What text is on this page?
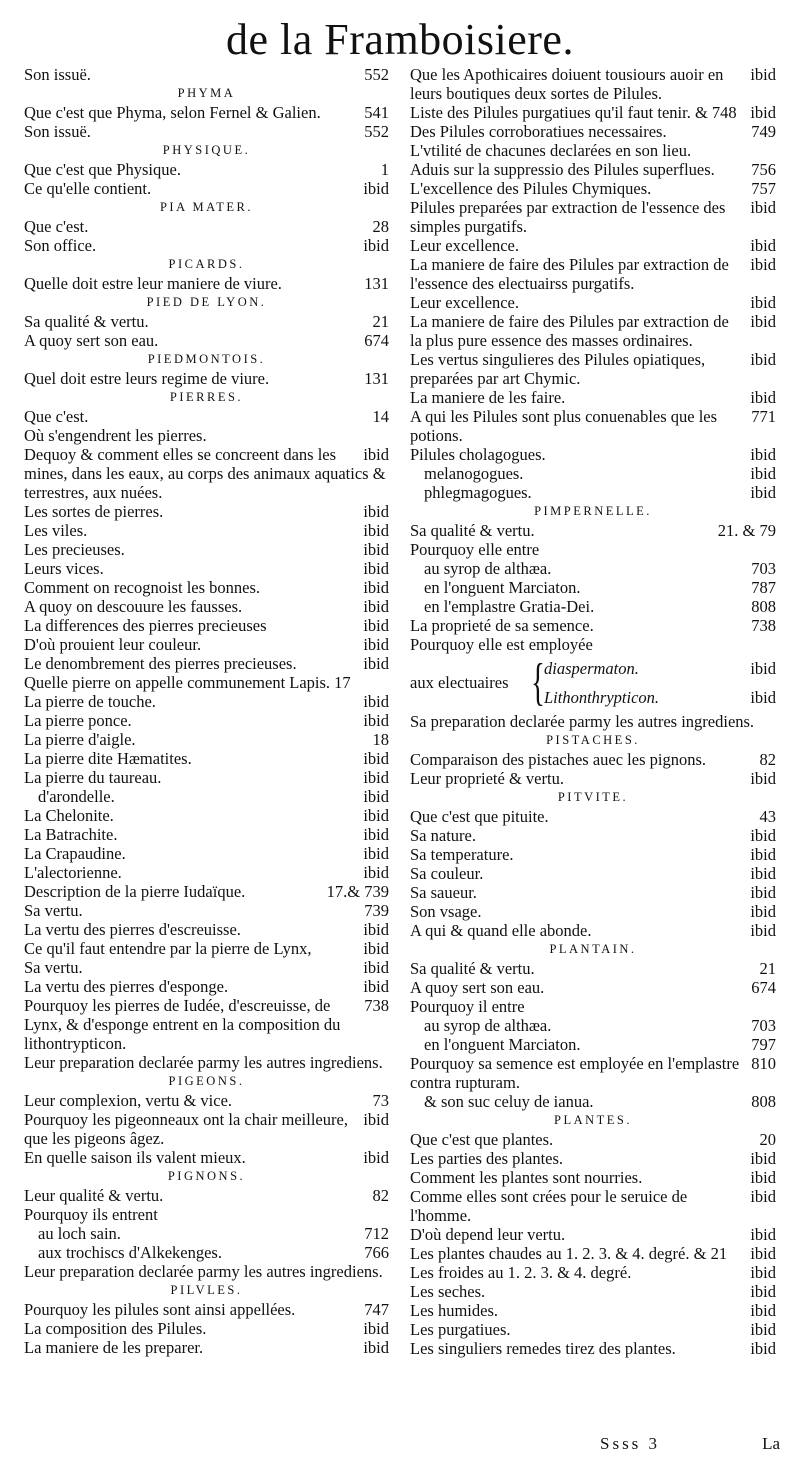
de la Framboisiere.
552
Son issuë.
PHYMA
541
Que c'est que Phyma, selon Fernel & Galien.
552
Son issuë.
PHYSIQUE.
1
Que c'est que Physique.
ibid
Ce qu'elle contient.
PIA MATER.
28
Que c'est.
ibid
Son office.
PICARDS.
131
Quelle doit estre leur maniere de viure.
PIED DE LYON.
21
Sa qualité & vertu.
674
A quoy sert son eau.
PIEDMONTOIS.
131
Quel doit estre leurs regime de viure.
PIERRES.
14
Que c'est.
Où s'engendrent les pierres.
ibid
Dequoy & comment elles se concreent dans les mines, dans les eaux, au corps des animaux aquatics & terrestres, aux nuées.
ibid
Les sortes de pierres.
ibid
Les viles.
ibid
Les precieuses.
ibid
Leurs vices.
ibid
Comment on recognoist les bonnes.
ibid
A quoy on descouure les fausses.
ibid
La differences des pierres precieuses
ibid
D'où prouient leur couleur.
ibid
Le denombrement des pierres precieuses.
Quelle pierre on appelle communement Lapis. 17
ibid
La pierre de touche.
ibid
La pierre ponce.
18
La pierre d'aigle.
ibid
La pierre dite Hæmatites.
ibid
La pierre du taureau.
ibid
d'arondelle.
ibid
La Chelonite.
ibid
La Batrachite.
ibid
La Crapaudine.
ibid
L'alectorienne.
17.& 739
Description de la pierre Iudaïque.
739
Sa vertu.
ibid
La vertu des pierres d'escreuisse.
ibid
Ce qu'il faut entendre par la pierre de Lynx,
ibid
Sa vertu.
ibid
La vertu des pierres d'esponge.
738
Pourquoy les pierres de Iudée, d'escreuisse, de Lynx, & d'esponge entrent en la composition du lithontrypticon.
Leur preparation declarée parmy les autres ingrediens.
PIGEONS.
73
Leur complexion, vertu & vice.
ibid
Pourquoy les pigeonneaux ont la chair meilleure, que les pigeons âgez.
ibid
En quelle saison ils valent mieux.
PIGNONS.
82
Leur qualité & vertu.
Pourquoy ils entrent
712
au loch sain.
766
aux trochiscs d'Alkekenges.
Leur preparation declarée parmy les autres ingrediens.
PILVLES.
747
Pourquoy les pilules sont ainsi appellées.
ibid
La composition des Pilules.
ibid
La maniere de les preparer.
ibid
Que les Apothicaires doiuent tousiours auoir en leurs boutiques deux sortes de Pilules.
ibid
Liste des Pilules purgatiues qu'il faut tenir. & 748
749
Des Pilules corroboratiues necessaires.
L'vtilité de chacunes declarées en son lieu.
756
Aduis sur la suppressio des Pilules superflues.
757
L'excellence des Pilules Chymiques.
ibid
Pilules preparées par extraction de l'essence des simples purgatifs.
ibid
Leur excellence.
ibid
La maniere de faire des Pilules par extraction de l'essence des electuairss purgatifs.
ibid
Leur excellence.
ibid
La maniere de faire des Pilules par extraction de la plus pure essence des masses ordinaires.
ibid
Les vertus singulieres des Pilules opiatiques, preparées par art Chymic.
ibid
La maniere de les faire.
771
A qui les Pilules sont plus conuenables que les potions.
ibid
Pilules cholagogues.
ibid
melanogogues.
ibid
phlegmagogues.
PIMPERNELLE.
21. & 79
Sa qualité & vertu.
Pourquoy elle entre
703
au syrop de althæa.
787
en l'onguent Marciaton.
808
en l'emplastre Gratia-Dei.
738
La proprieté de sa semence.
Pourquoy elle est employée
aux electuaires {	ibid
diaspermaton.
ibid
Lithonthrypticon.
Sa preparation declarée parmy les autres ingrediens.
PISTACHES.
82
Comparaison des pistaches auec les pignons.
ibid
Leur proprieté & vertu.
PITVITE.
43
Que c'est que pituite.
ibid
Sa nature.
ibid
Sa temperature.
ibid
Sa couleur.
ibid
Sa saueur.
ibid
Son vsage.
ibid
A qui & quand elle abonde.
PLANTAIN.
21
Sa qualité & vertu.
674
A quoy sert son eau.
Pourquoy il entre
703
au syrop de althæa.
797
en l'onguent Marciaton.
810
Pourquoy sa semence est employée en l'emplastre contra rupturam.
808
& son suc celuy de ianua.
PLANTES.
20
Que c'est que plantes.
ibid
Les parties des plantes.
ibid
Comment les plantes sont nourries.
ibid
Comme elles sont crées pour le seruice de l'homme.
ibid
D'où depend leur vertu.
ibid
Les plantes chaudes au 1. 2. 3. & 4. degré. & 21
ibid
Les froides au 1. 2. 3. & 4. degré.
ibid
Les seches.
ibid
Les humides.
ibid
Les purgatiues.
ibid
Les singuliers remedes tirez des plantes.
Ssss 3	La
